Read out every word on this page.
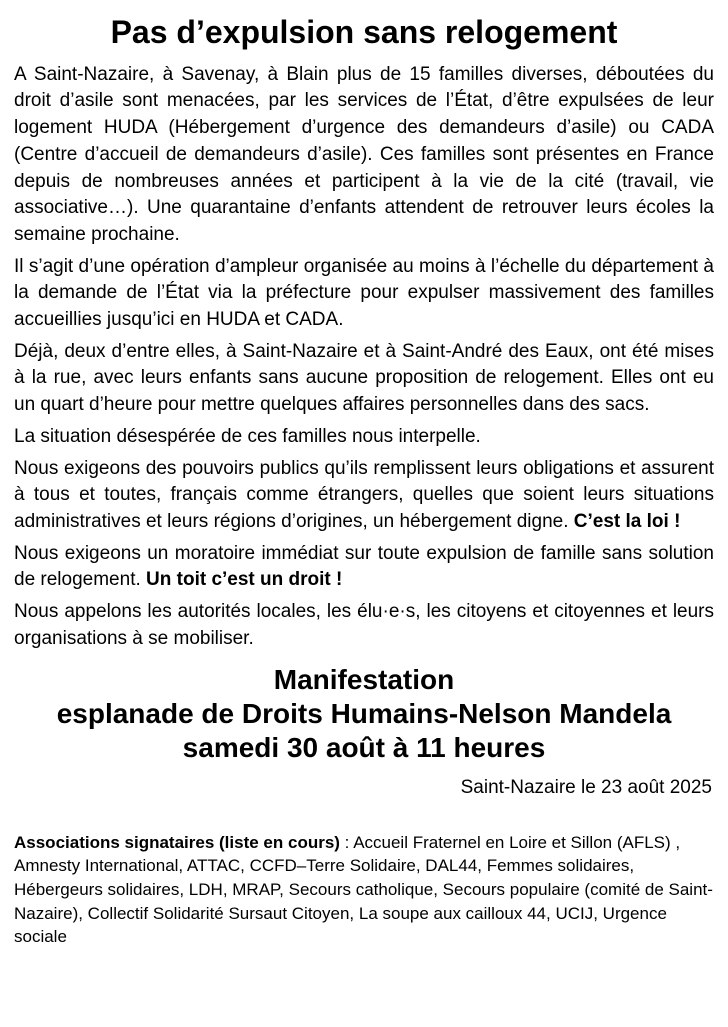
Pas d’expulsion sans relogement

A Saint-Nazaire, à Savenay, à Blain plus de 15 familles diverses, déboutées du droit d’asile sont menacées, par les services de l’État, d’être expulsées de leur logement HUDA (Hébergement d’urgence des demandeurs d’asile) ou CADA (Centre d’accueil de demandeurs d’asile). Ces familles sont présentes en France depuis de nombreuses années et participent à la vie de la cité (travail, vie associative…). Une quarantaine d’enfants attendent de retrouver leurs écoles la semaine prochaine.

Il s’agit d’une opération d’ampleur organisée au moins à l’échelle du département à la demande de l’État via la préfecture pour expulser massivement des familles accueillies jusqu’ici en HUDA et CADA.

Déjà, deux d’entre elles, à Saint-Nazaire et à Saint-André des Eaux, ont été mises à la rue, avec leurs enfants sans aucune proposition de relogement. Elles ont eu un quart d’heure pour mettre quelques affaires personnelles dans des sacs.

La situation désespérée de ces familles nous interpelle.

Nous exigeons des pouvoirs publics qu’ils remplissent leurs obligations et assurent à tous et toutes, français comme étrangers, quelles que soient leurs situations administratives et leurs régions d’origines, un hébergement digne. C’est la loi !

Nous exigeons un moratoire immédiat sur toute expulsion de famille sans solution de relogement. Un toit c’est un droit !

Nous appelons les autorités locales, les élu·e·s, les citoyens et citoyennes et leurs organisations à se mobiliser.

Manifestation
esplanade de Droits Humains-Nelson Mandela
samedi 30 août à 11 heures

Saint-Nazaire le 23 août 2025

Associations signataires (liste en cours) : Accueil Fraternel en Loire et Sillon (AFLS) , Amnesty International, ATTAC, CCFD–Terre Solidaire, DAL44, Femmes solidaires, Hébergeurs solidaires, LDH, MRAP, Secours catholique, Secours populaire (comité de Saint-Nazaire), Collectif Solidarité Sursaut Citoyen, La soupe aux cailloux 44, UCIJ, Urgence sociale
